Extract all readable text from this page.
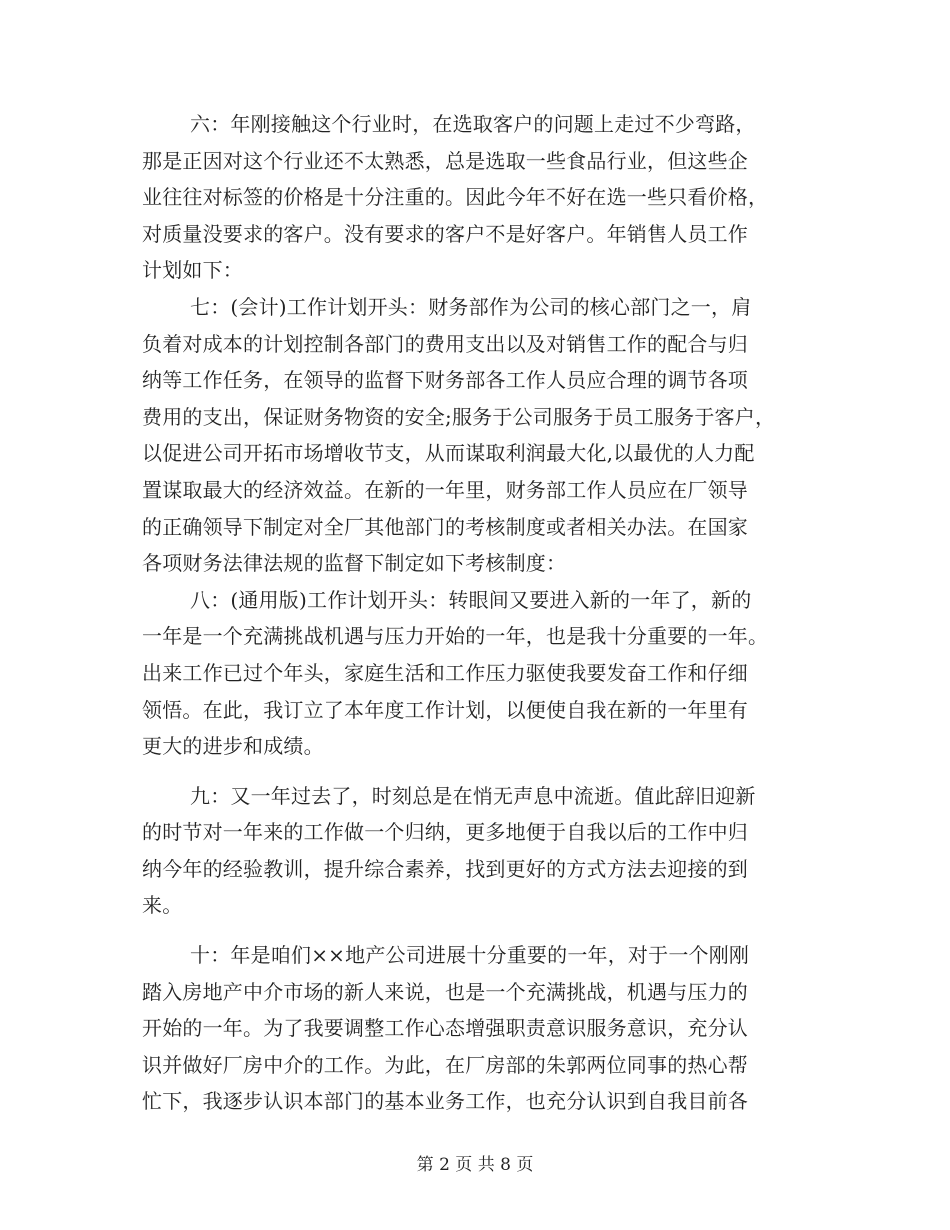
六：年刚接触这个行业时，在选取客户的问题上走过不少弯路，
那是正因对这个行业还不太熟悉，总是选取一些食品行业，但这些企
业往往对标签的价格是十分注重的。因此今年不好在选一些只看价格，
对质量没要求的客户。没有要求的客户不是好客户。年销售人员工作
计划如下：
七：(会计)工作计划开头：财务部作为公司的核心部门之一，肩
负着对成本的计划控制各部门的费用支出以及对销售工作的配合与归
纳等工作任务，在领导的监督下财务部各工作人员应合理的调节各项
费用的支出，保证财务物资的安全;服务于公司服务于员工服务于客户，
以促进公司开拓市场增收节支，从而谋取利润最大化,以最优的人力配
置谋取最大的经济效益。在新的一年里，财务部工作人员应在厂领导
的正确领导下制定对全厂其他部门的考核制度或者相关办法。在国家
各项财务法律法规的监督下制定如下考核制度：
八：(通用版)工作计划开头：转眼间又要进入新的一年了，新的
一年是一个充满挑战机遇与压力开始的一年，也是我十分重要的一年。
出来工作已过个年头，家庭生活和工作压力驱使我要发奋工作和仔细
领悟。在此，我订立了本年度工作计划，以便使自我在新的一年里有
更大的进步和成绩。
九：又一年过去了，时刻总是在悄无声息中流逝。值此辞旧迎新
的时节对一年来的工作做一个归纳，更多地便于自我以后的工作中归
纳今年的经验教训，提升综合素养，找到更好的方式方法去迎接的到
来。
十：年是咱们××地产公司进展十分重要的一年，对于一个刚刚
踏入房地产中介市场的新人来说，也是一个充满挑战，机遇与压力的
开始的一年。为了我要调整工作心态增强职责意识服务意识，充分认
识并做好厂房中介的工作。为此，在厂房部的朱郭两位同事的热心帮
忙下，我逐步认识本部门的基本业务工作，也充分认识到自我目前各
第 2 页 共 8 页
